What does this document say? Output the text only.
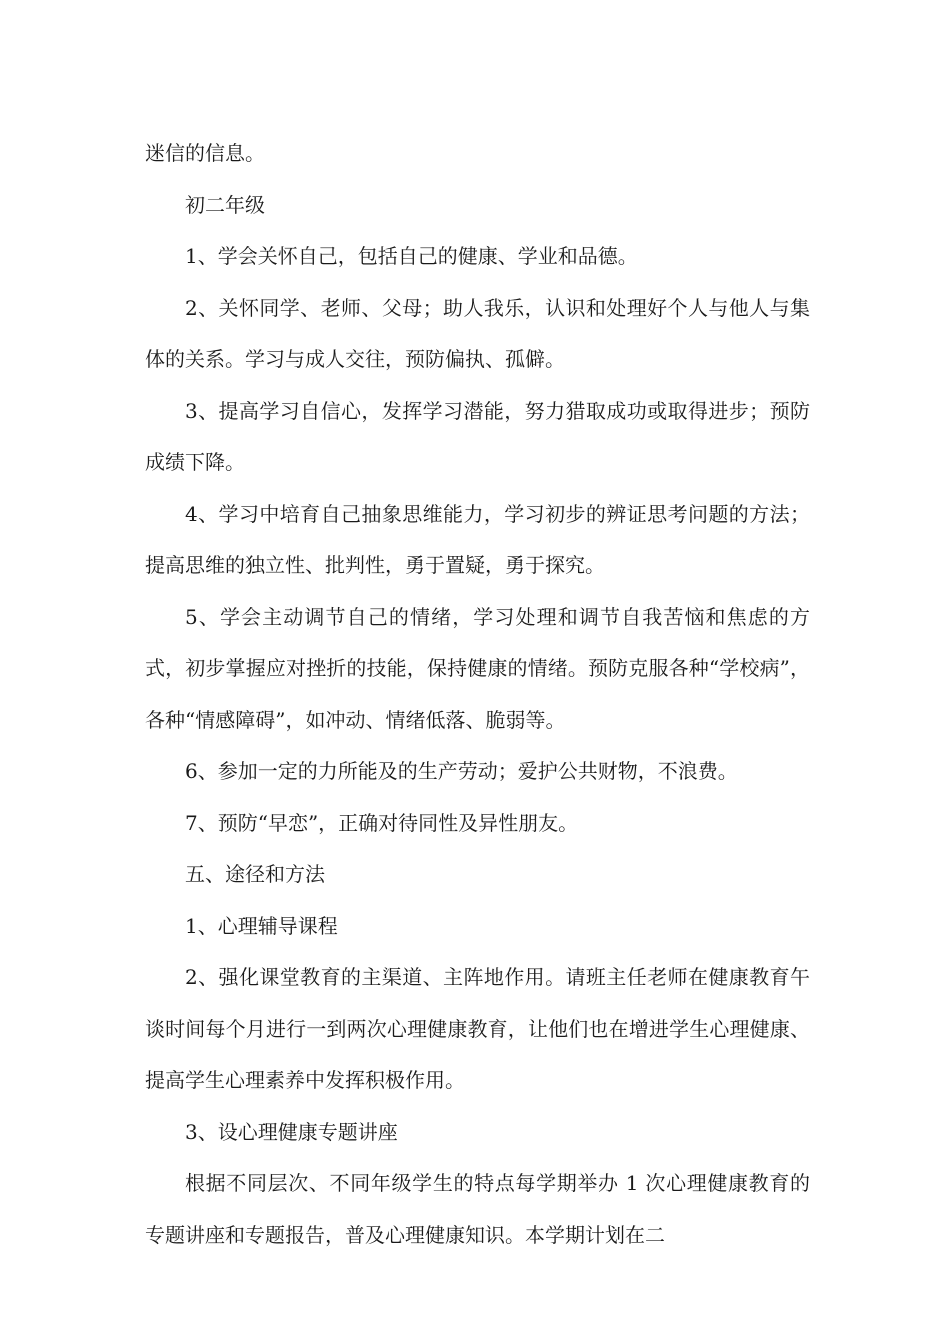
迷信的信息。

初二年级

1、学会关怀自己，包括自己的健康、学业和品德。

2、关怀同学、老师、父母；助人我乐，认识和处理好个人与他人与集体的关系。学习与成人交往，预防偏执、孤僻。

3、提高学习自信心，发挥学习潜能，努力猎取成功或取得进步；预防成绩下降。

4、学习中培育自己抽象思维能力，学习初步的辨证思考问题的方法；提高思维的独立性、批判性，勇于置疑，勇于探究。

5、学会主动调节自己的情绪，学习处理和调节自我苦恼和焦虑的方式，初步掌握应对挫折的技能，保持健康的情绪。预防克服各种“学校病”，各种“情感障碍”，如冲动、情绪低落、脆弱等。

6、参加一定的力所能及的生产劳动；爱护公共财物，不浪费。

7、预防“早恋”，正确对待同性及异性朋友。

五、途径和方法

1、心理辅导课程

2、强化课堂教育的主渠道、主阵地作用。请班主任老师在健康教育午谈时间每个月进行一到两次心理健康教育，让他们也在增进学生心理健康、提高学生心理素养中发挥积极作用。

3、设心理健康专题讲座

根据不同层次、不同年级学生的特点每学期举办 1 次心理健康教育的专题讲座和专题报告，普及心理健康知识。本学期计划在二
